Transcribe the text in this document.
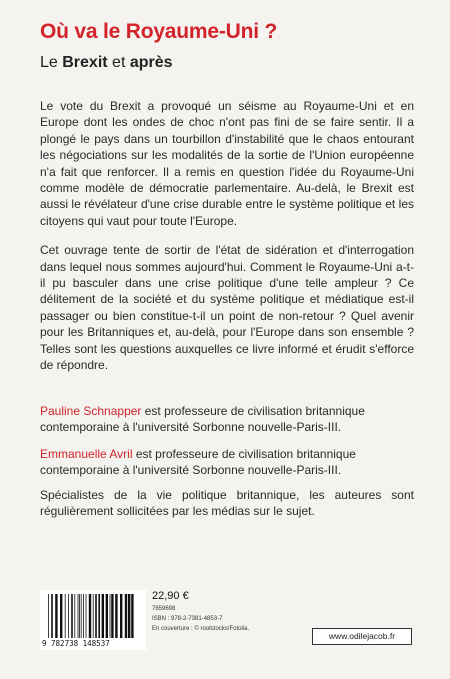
Où va le Royaume-Uni ?
Le Brexit et après

Le vote du Brexit a provoqué un séisme au Royaume-Uni et en Europe dont les ondes de choc n'ont pas fini de se faire sentir. Il a plongé le pays dans un tourbillon d'instabilité que le chaos entourant les négociations sur les modalités de la sortie de l'Union européenne n'a fait que renforcer. Il a remis en question l'idée du Royaume-Uni comme modèle de démocratie parlementaire. Au-delà, le Brexit est aussi le révélateur d'une crise durable entre le système politique et les citoyens qui vaut pour toute l'Europe.

Cet ouvrage tente de sortir de l'état de sidération et d'interrogation dans lequel nous sommes aujourd'hui. Comment le Royaume-Uni a-t-il pu basculer dans une crise politique d'une telle ampleur ? Ce délitement de la société et du système politique et médiatique est-il passager ou bien constitue-t-il un point de non-retour ? Quel avenir pour les Britanniques et, au-delà, pour l'Europe dans son ensemble ? Telles sont les questions auxquelles ce livre informé et érudit s'efforce de répondre.

Pauline Schnapper est professeure de civilisation britannique contemporaine à l'université Sorbonne nouvelle-Paris-III.

Emmanuelle Avril est professeure de civilisation britannique contemporaine à l'université Sorbonne nouvelle-Paris-III.

Spécialistes de la vie politique britannique, les auteures sont régulièrement sollicitées par les médias sur le sujet.

9 782738 148537
22,90 €
7659698
ISBN : 978-2-7381-4853-7
En couverture : © rootstocks/Fotolia.
www.odilejacob.fr
